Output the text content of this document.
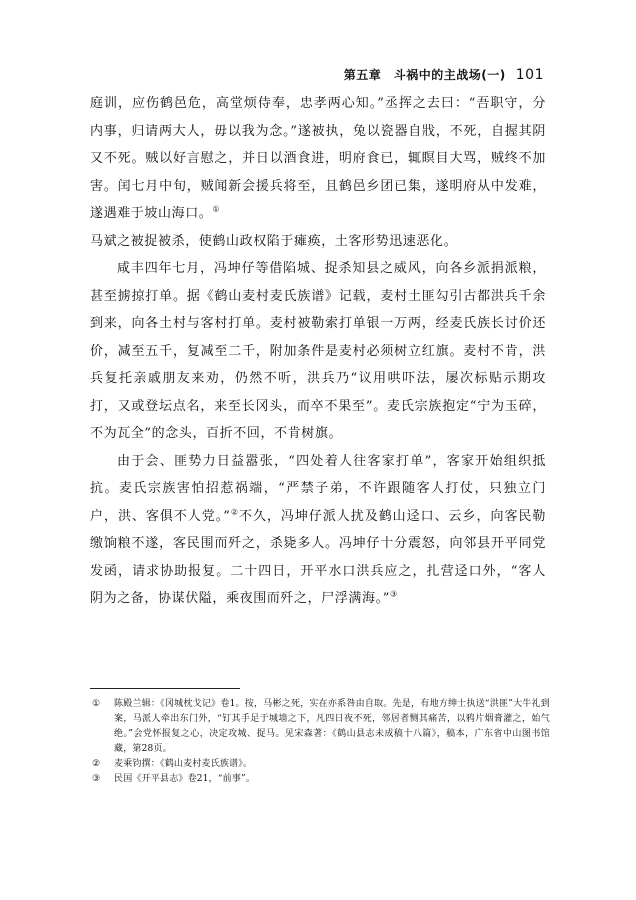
第五章　斗祸中的主战场(一) 101

庭训，应伤鹤邑危，高堂烦侍奉，忠孝两心知。”丞挥之去曰：“吾职守，分内事，归请两大人，毋以我为念。”遂被执，兔以瓷器自戕，不死，自握其阴又不死。贼以好言慰之，并日以酒食进，明府食已，辄瞑目大骂，贼终不加害。闰七月中旬，贼闻新会援兵将至，且鹤邑乡团已集，遂明府从中发难，遂遇难于坡山海口。①

马斌之被捉被杀，使鹤山政权陷于瘫痪，土客形势迅速恶化。

咸丰四年七月，冯坤仔等借陷城、捉杀知县之威风，向各乡派捐派粮，甚至掳掠打单。据《鹤山麦村麦氏族谱》记载，麦村土匪勾引古都洪兵千余到来，向各土村与客村打单。麦村被勒索打单银一万两，经麦氏族长讨价还价，减至五千，复减至二千，附加条件是麦村必须树立红旗。麦村不肯，洪兵复托亲戚朋友来劝，仍然不听，洪兵乃“议用哄吓法，屡次标贴示期攻打，又或登坛点名，来至长冈头，而卒不果至”。麦氏宗族抱定“宁为玉碎，不为瓦全”的念头，百折不回，不肯树旗。

由于会、匪势力日益嚣张，“四处着人往客家打单”，客家开始组织抵抗。麦氏宗族害怕招惹祸端，“严禁子弟，不许跟随客人打仗，只独立门户，洪、客俱不人党。”②不久，冯坤仔派人扰及鹤山迳口、云乡，向客民勒缴饷粮不遂，客民围而歼之，杀毙多人。冯坤仔十分震怒，向邻县开平同党发函，请求协助报复。二十四日，开平水口洪兵应之，扎营迳口外，“客人阴为之备，协谋伏隘，乘夜围而歼之，尸浮满海。”③

①	陈殿兰辑：《冈城枕戈记》卷1。按，马彬之死，实在亦系咎由自取。先是，有地方绅士执送“洪匪”大牛礼到案，马派人牵出东门外，“钉其手足于城墙之下，凡四日夜不死，邻居者恻其痛苦，以鸦片烟膏灌之，始气绝。”会党怀报复之心，决定攻城、捉马。见宋森著：《鹤山县志未成稿十八篇》，稿本，广东省中山图书馆藏，第28页。
②	麦乘钧撰：《鹤山麦村麦氏族谱》。
③	民国《开平县志》卷21，“前事”。
